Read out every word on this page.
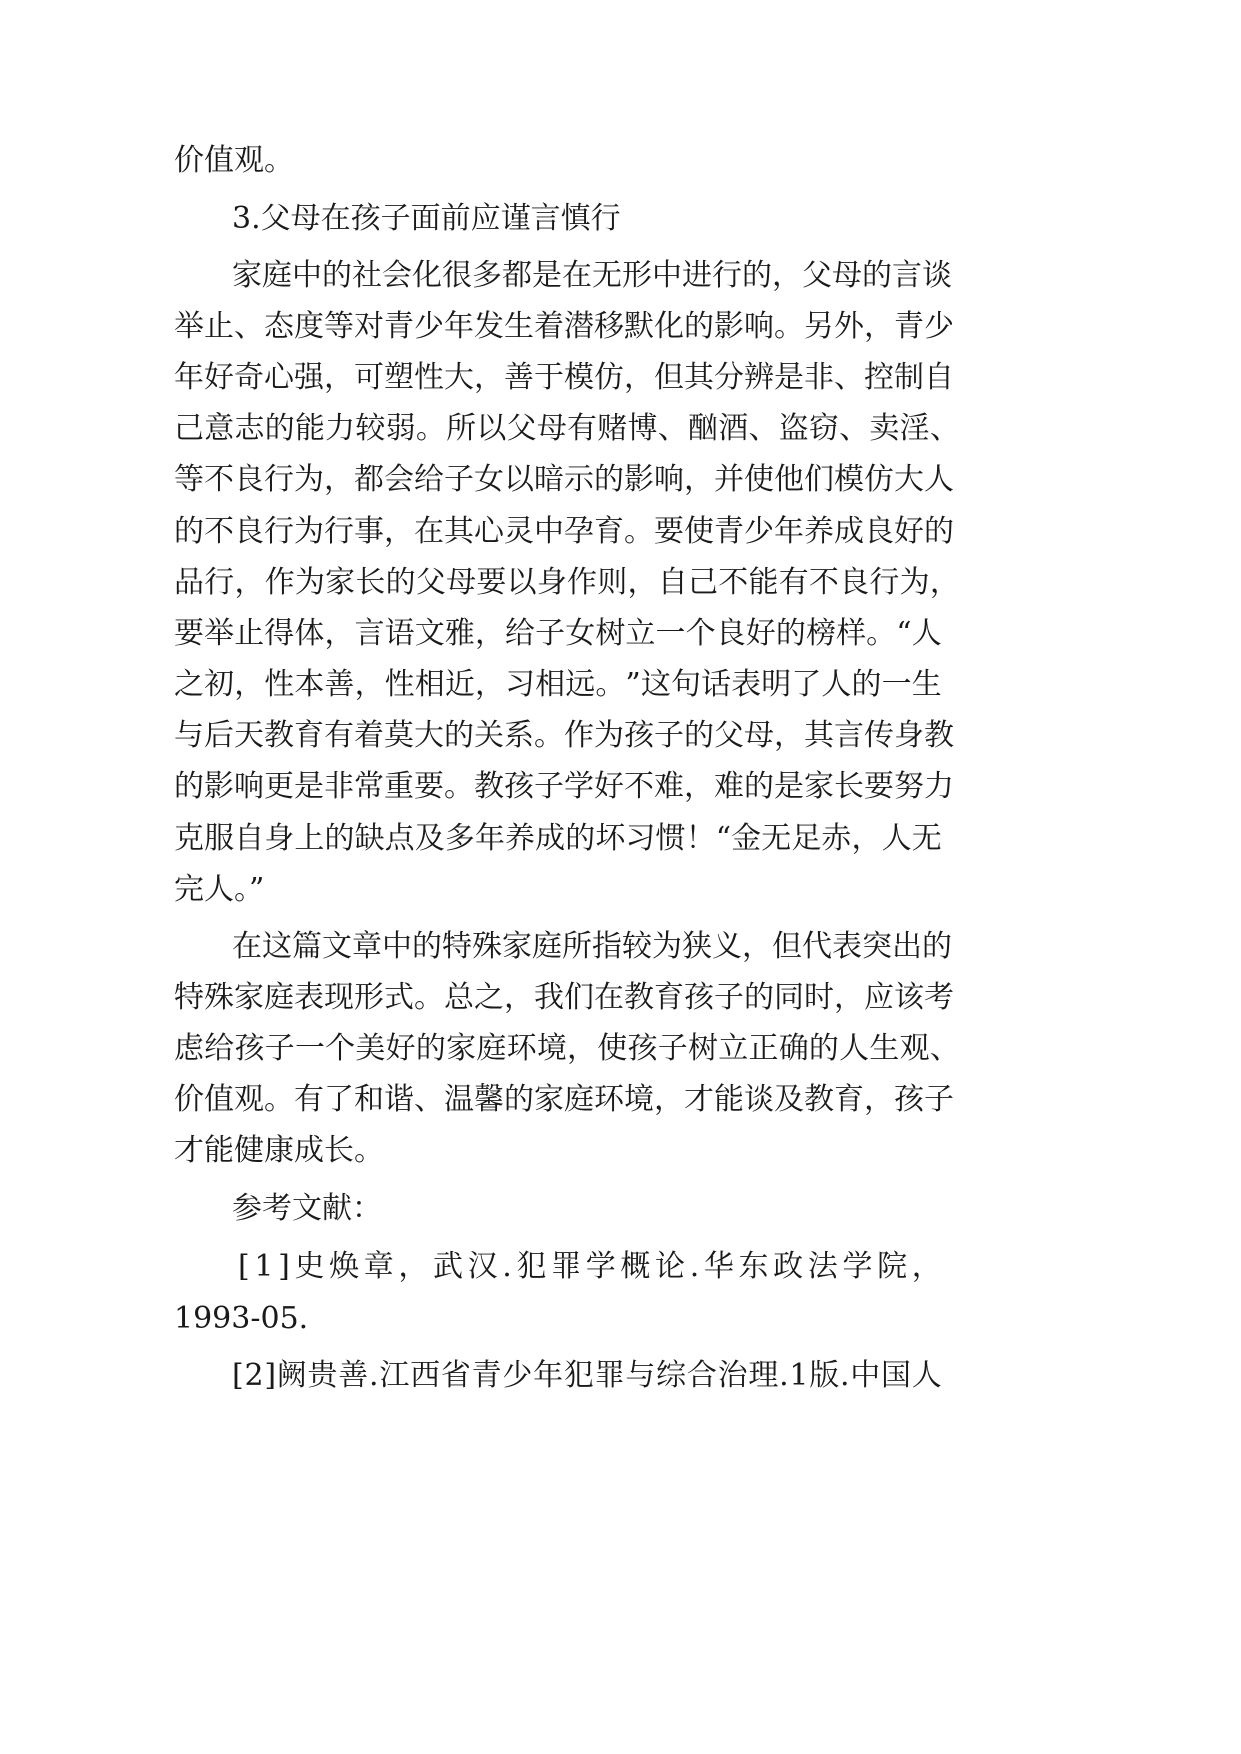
价值观。
3.父母在孩子面前应谨言慎行
家 庭 中 的 社 会 化 很 多 都 是 在 无 形 中 进 行 的 ， 父 母 的 言 谈
举 止 、 态 度 等 对 青 少 年 发 生 着 潜 移 默 化 的 影 响 。 另 外 ， 青 少
年 好 奇 心 强 ， 可 塑 性 大 ， 善 于 模 仿 ， 但 其 分 辨 是 非 、 控 制 自
己 意 志 的 能 力 较 弱 。 所 以 父 母 有 赌 博 、 酗 酒 、 盗 窃 、 卖 淫 、
等 不 良 行 为 ， 都 会 给 子 女 以 暗 示 的 影 响 ， 并 使 他 们 模 仿 大 人
的 不 良 行 为 行 事 ， 在 其 心 灵 中 孕 育 。 要 使 青 少 年 养 成 良 好 的
品 行 ， 作 为 家 长 的 父 母 要 以 身 作 则 ， 自 己 不 能 有 不 良 行 为 ，
要 举 止 得 体 ， 言 语 文 雅 ， 给 子 女 树 立 一 个 良 好 的 榜 样 。 “ 人
之 初 ， 性 本 善 ， 性 相 近 ， 习 相 远 。 ” 这 句 话 表 明 了 人 的 一 生
与 后 天 教 育 有 着 莫 大 的 关 系 。 作 为 孩 子 的 父 母 ， 其 言 传 身 教
的 影 响 更 是 非 常 重 要 。 教 孩 子 学 好 不 难 ， 难 的 是 家 长 要 努 力
克 服 自 身 上 的 缺 点 及 多 年 养 成 的 坏 习 惯 ！ “ 金 无 足 赤 ， 人 无
完人。”
在 这 篇 文 章 中 的 特 殊 家 庭 所 指 较 为 狭 义 ， 但 代 表 突 出 的
特 殊 家 庭 表 现 形 式 。 总 之 ， 我 们 在 教 育 孩 子 的 同 时 ， 应 该 考
虑 给 孩 子 一 个 美 好 的 家 庭 环 境 ， 使 孩 子 树 立 正 确 的 人 生 观 、
价 值 观 。 有 了 和 谐 、 温 馨 的 家 庭 环 境 ， 才 能 谈 及 教 育 ， 孩 子
才能健康成长。
参考文献：
[ 1 ] 史 焕 章 ， 武 汉 . 犯 罪 学 概 论 . 华 东 政 法 学 院 ，
1993-05.
[ 2 ] 阙 贵 善 . 江 西 省 青 少 年 犯 罪 与 综 合 治 理 . 1 版 . 中 国 人
